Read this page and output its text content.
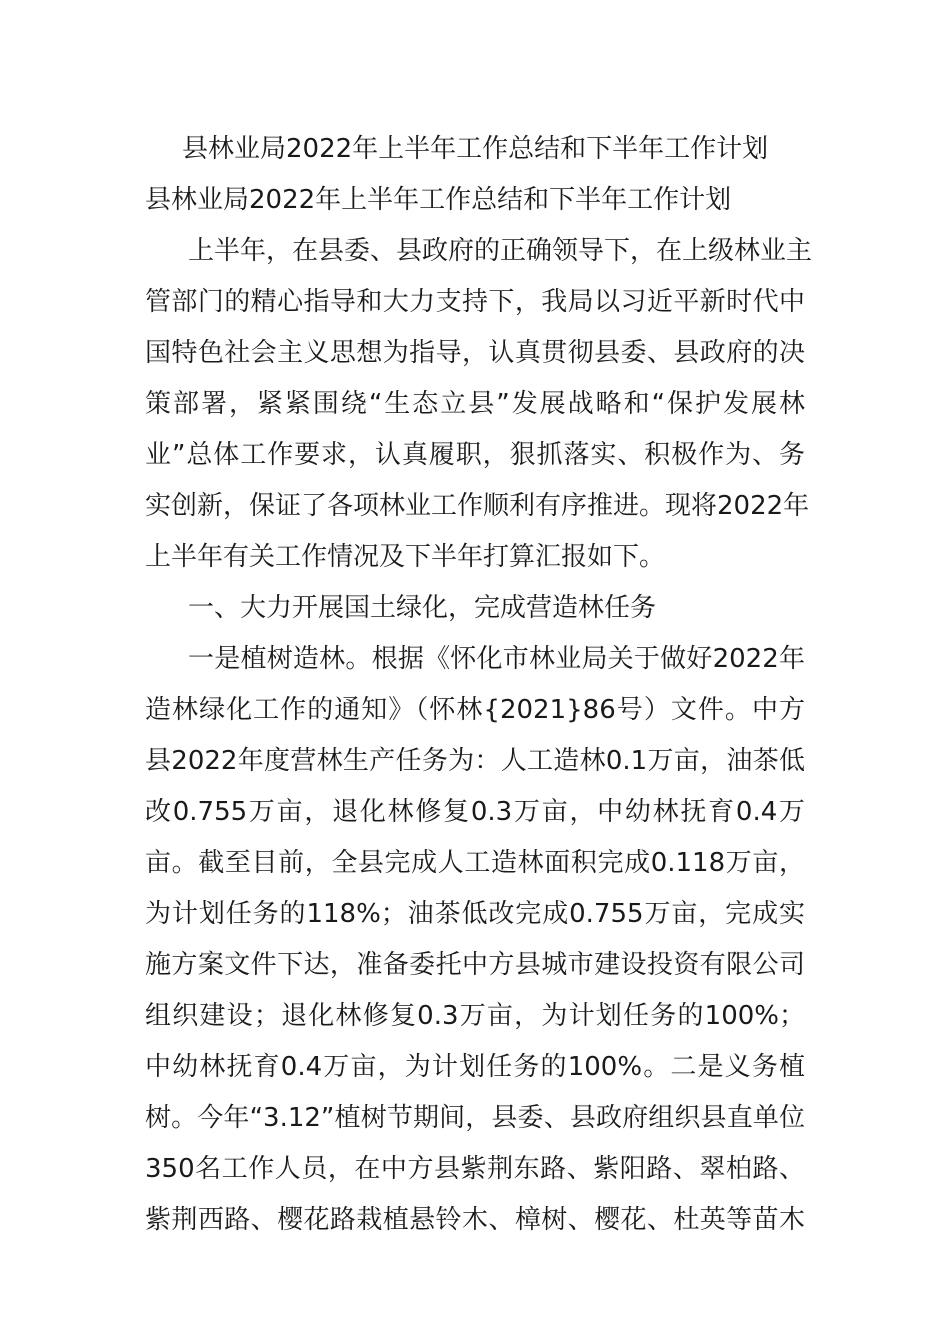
县林业局2022年上半年工作总结和下半年工作计划
县林业局2022年上半年工作总结和下半年工作计划
上半年，在县委、县政府的正确领导下，在上级林业主
管部门的精心指导和大力支持下，我局以习近平新时代中
国特色社会主义思想为指导，认真贯彻县委、县政府的决
策部署，紧紧围绕“生态立县”发展战略和“保护发展林
业”总体工作要求，认真履职，狠抓落实、积极作为、务
实创新，保证了各项林业工作顺利有序推进。现将2022年
上半年有关工作情况及下半年打算汇报如下。
一、大力开展国土绿化，完成营造林任务
一是植树造林。根据《怀化市林业局关于做好2022年
造林绿化工作的通知》（怀林{2021}86号）文件。中方
县2022年度营林生产任务为：人工造林0.1万亩，油茶低
改0.755万亩，退化林修复0.3万亩，中幼林抚育0.4万
亩。截至目前，全县完成人工造林面积完成0.118万亩，
为计划任务的118%；油茶低改完成0.755万亩，完成实
施方案文件下达，准备委托中方县城市建设投资有限公司
组织建设；退化林修复0.3万亩，为计划任务的100%；
中幼林抚育0.4万亩，为计划任务的100%。二是义务植
树。今年“3.12”植树节期间，县委、县政府组织县直单位
350名工作人员，在中方县紫荆东路、紫阳路、翠柏路、
紫荆西路、樱花路栽植悬铃木、樟树、樱花、杜英等苗木
